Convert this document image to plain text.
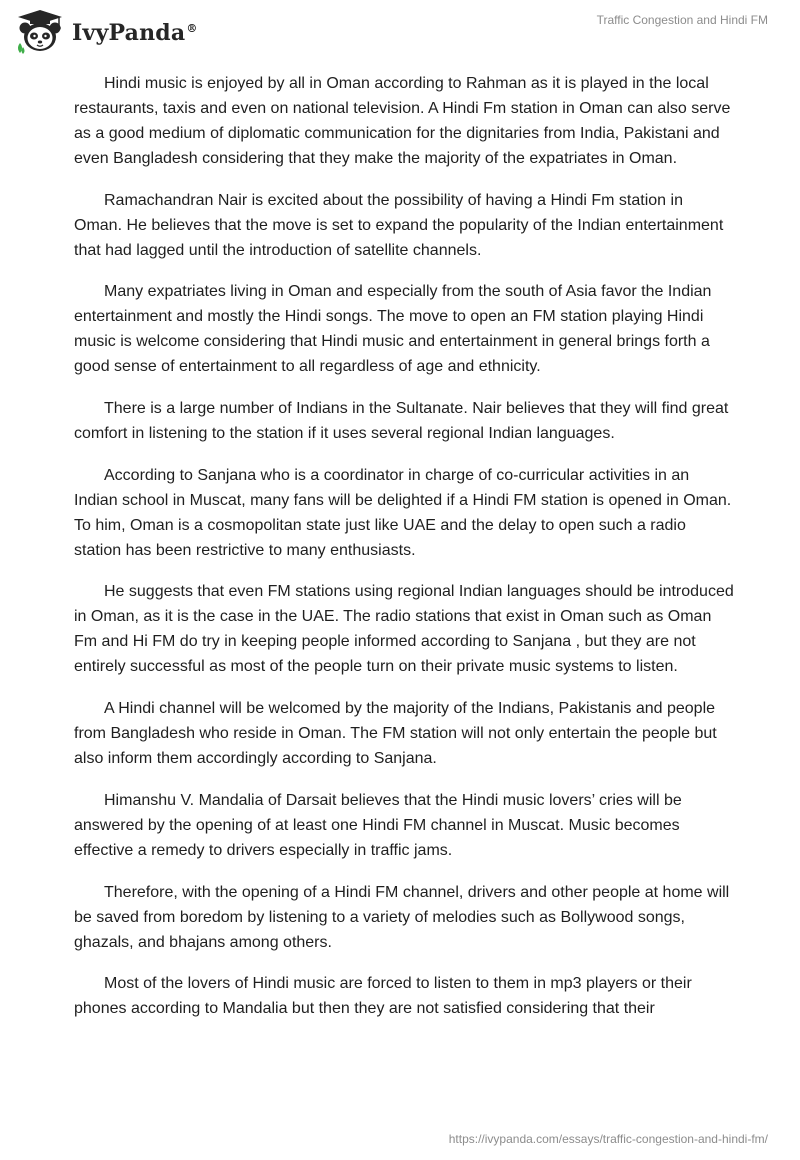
IvyPanda®
Traffic Congestion and Hindi FM

Hindi music is enjoyed by all in Oman according to Rahman as it is played in the local restaurants, taxis and even on national television. A Hindi Fm station in Oman can also serve as a good medium of diplomatic communication for the dignitaries from India, Pakistani and even Bangladesh considering that they make the majority of the expatriates in Oman.

Ramachandran Nair is excited about the possibility of having a Hindi Fm station in Oman. He believes that the move is set to expand the popularity of the Indian entertainment that had lagged until the introduction of satellite channels.

Many expatriates living in Oman and especially from the south of Asia favor the Indian entertainment and mostly the Hindi songs. The move to open an FM station playing Hindi music is welcome considering that Hindi music and entertainment in general brings forth a good sense of entertainment to all regardless of age and ethnicity.

There is a large number of Indians in the Sultanate. Nair believes that they will find great comfort in listening to the station if it uses several regional Indian languages.

According to Sanjana who is a coordinator in charge of co-curricular activities in an Indian school in Muscat, many fans will be delighted if a Hindi FM station is opened in Oman. To him, Oman is a cosmopolitan state just like UAE and the delay to open such a radio station has been restrictive to many enthusiasts.

He suggests that even FM stations using regional Indian languages should be introduced in Oman, as it is the case in the UAE. The radio stations that exist in Oman such as Oman Fm and Hi FM do try in keeping people informed according to Sanjana , but they are not entirely successful as most of the people turn on their private music systems to listen.

A Hindi channel will be welcomed by the majority of the Indians, Pakistanis and people from Bangladesh who reside in Oman. The FM station will not only entertain the people but also inform them accordingly according to Sanjana.

Himanshu V. Mandalia of Darsait believes that the Hindi music lovers’ cries will be answered by the opening of at least one Hindi FM channel in Muscat. Music becomes effective a remedy to drivers especially in traffic jams.

Therefore, with the opening of a Hindi FM channel, drivers and other people at home will be saved from boredom by listening to a variety of melodies such as Bollywood songs, ghazals, and bhajans among others.

Most of the lovers of Hindi music are forced to listen to them in mp3 players or their phones according to Mandalia but then they are not satisfied considering that their

https://ivypanda.com/essays/traffic-congestion-and-hindi-fm/
